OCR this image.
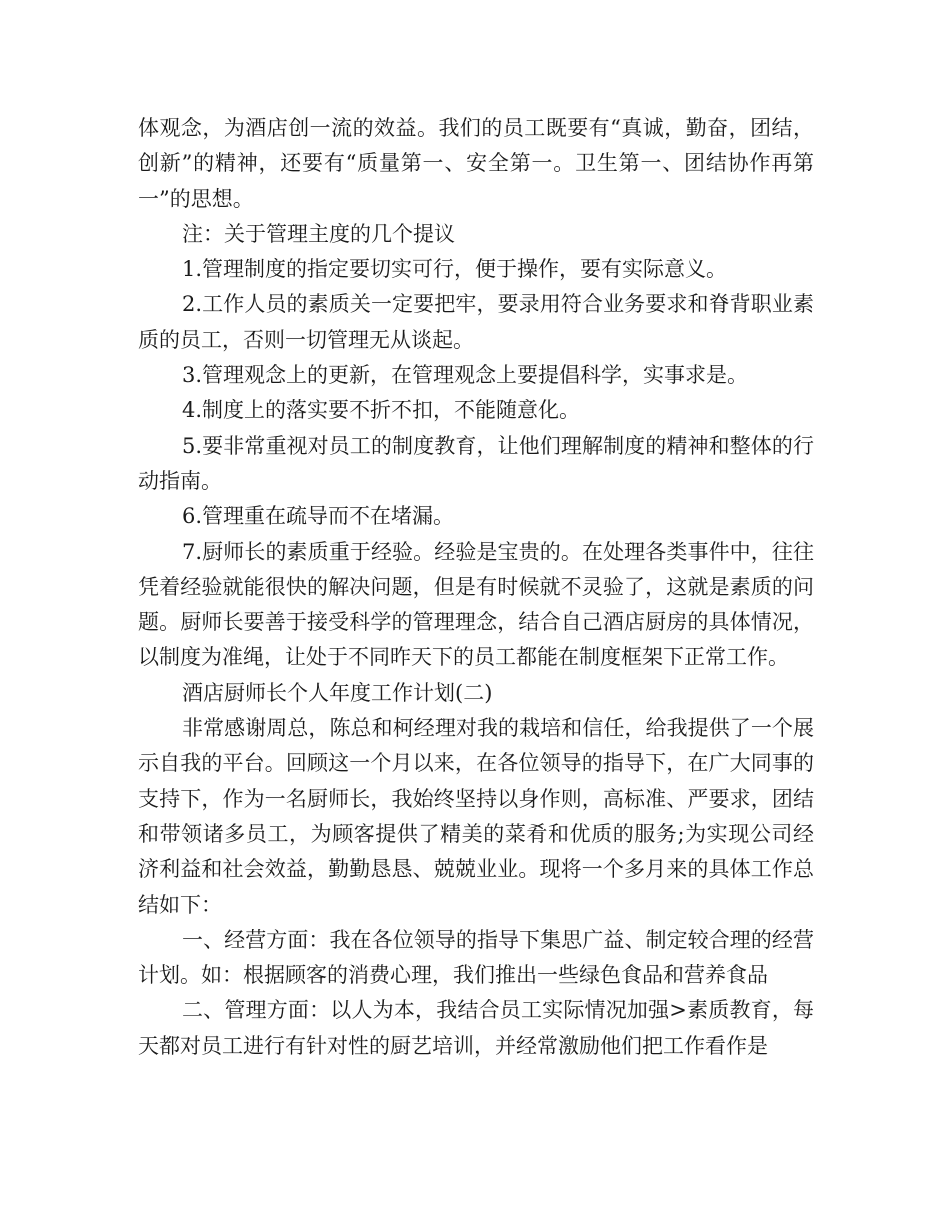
体观念，为酒店创一流的效益。我们的员工既要有“真诚，勤奋，团结，创新”的精神，还要有“质量第一、安全第一。卫生第一、团结协作再第一”的思想。

注：关于管理主度的几个提议

1.管理制度的指定要切实可行，便于操作，要有实际意义。

2.工作人员的素质关一定要把牢，要录用符合业务要求和脊背职业素质的员工，否则一切管理无从谈起。

3.管理观念上的更新，在管理观念上要提倡科学，实事求是。

4.制度上的落实要不折不扣，不能随意化。

5.要非常重视对员工的制度教育，让他们理解制度的精神和整体的行动指南。

6.管理重在疏导而不在堵漏。

7.厨师长的素质重于经验。经验是宝贵的。在处理各类事件中，往往凭着经验就能很快的解决问题，但是有时候就不灵验了，这就是素质的问题。厨师长要善于接受科学的管理理念，结合自己酒店厨房的具体情况，以制度为准绳，让处于不同昨天下的员工都能在制度框架下正常工作。

酒店厨师长个人年度工作计划(二)

非常感谢周总，陈总和柯经理对我的栽培和信任，给我提供了一个展示自我的平台。回顾这一个月以来，在各位领导的指导下，在广大同事的支持下，作为一名厨师长，我始终坚持以身作则，高标准、严要求，团结和带领诸多员工，为顾客提供了精美的菜肴和优质的服务;为实现公司经济利益和社会效益，勤勤恳恳、兢兢业业。现将一个多月来的具体工作总结如下：

一、经营方面：我在各位领导的指导下集思广益、制定较合理的经营计划。如：根据顾客的消费心理，我们推出一些绿色食品和营养食品

二、管理方面：以人为本，我结合员工实际情况加强>素质教育，每天都对员工进行有针对性的厨艺培训，并经常激励他们把工作看作是
